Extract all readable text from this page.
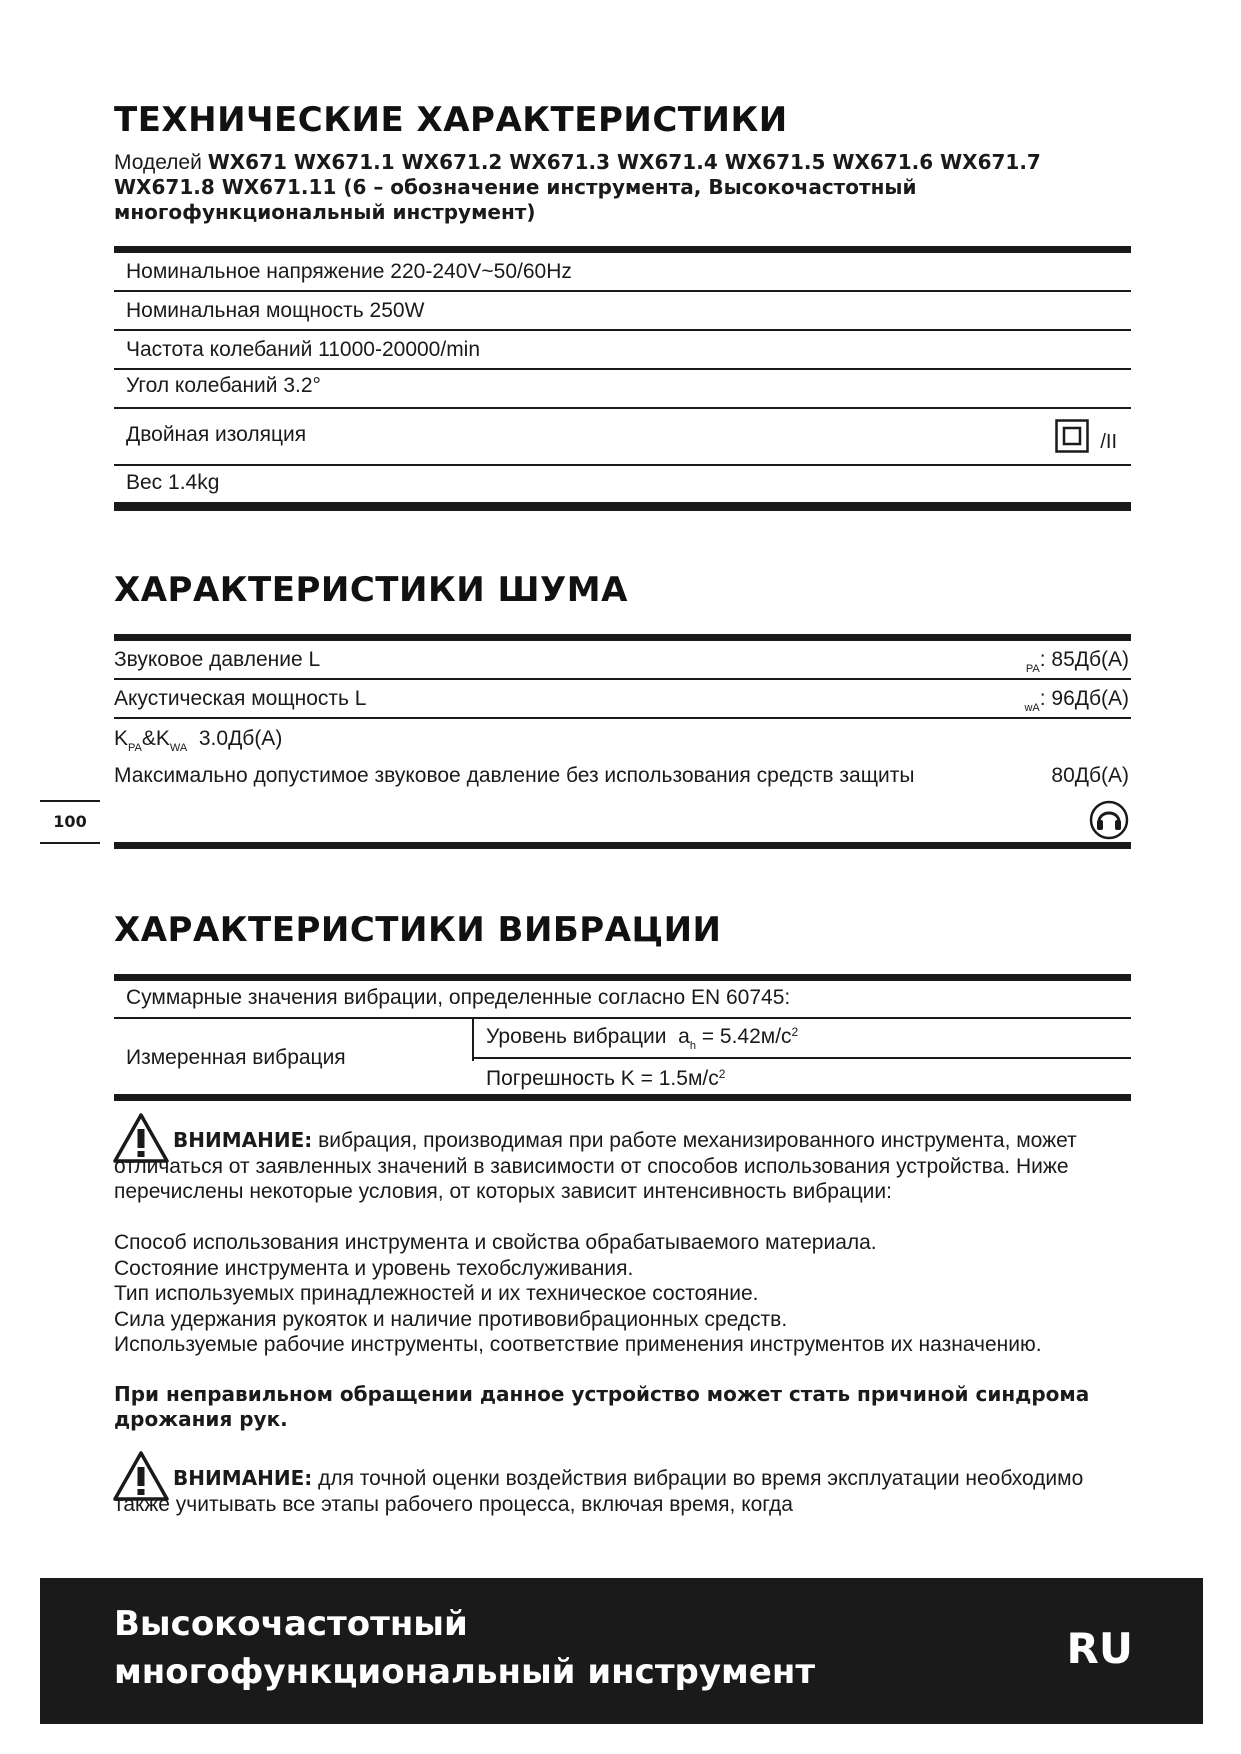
ТЕХНИЧЕСКИЕ ХАРАКТЕРИСТИКИ
Моделей WX671 WX671.1 WX671.2 WX671.3 WX671.4 WX671.5 WX671.6 WX671.7 WX671.8 WX671.11 (6 – обозначение инструмента, Высокочастотный многофункциональный инструмент)
Номинальное напряжение 220-240V~50/60Hz
Номинальная мощность 250W
Частота колебаний 11000-20000/min
Угол колебаний 3.2°
Двойная изоляция	/II
Вес 1.4kg
ХАРАКТЕРИСТИКИ ШУМА
Звуковое давление L	$_{PA}$: 85Дб(A)
Акустическая мощность L	$_{wA}$: 96Дб(A)
$K_{PA}\&K_{WA}$  3.0Дб(A)
Максимально допустимое звуковое давление без использования средств защиты	80Дб(A)
100
ХАРАКТЕРИСТИКИ ВИБРАЦИИ
Суммарные значения вибрации, определенные согласно EN 60745:
Измеренная вибрация
Уровень вибрации  $a_h = 5.42м/с^2$
Погрешность $K = 1.5м/с^2$
ВНИМАНИЕ: вибрация, производимая при работе механизированного инструмента, может отличаться от заявленных значений в зависимости от способов использования устройства. Ниже перечислены некоторые условия, от которых зависит интенсивность вибрации:
Способ использования инструмента и свойства обрабатываемого материала.
Состояние инструмента и уровень техобслуживания.
Тип используемых принадлежностей и их техническое состояние.
Сила удержания рукояток и наличие противовибрационных средств.
Используемые рабочие инструменты, соответствие применения инструментов их назначению.
При неправильном обращении данное устройство может стать причиной синдрома дрожания рук.
ВНИМАНИЕ: для точной оценки воздействия вибрации во время эксплуатации необходимо также учитывать все этапы рабочего процесса, включая время, когда
Высокочастотный
многофункциональный инструмент	RU
